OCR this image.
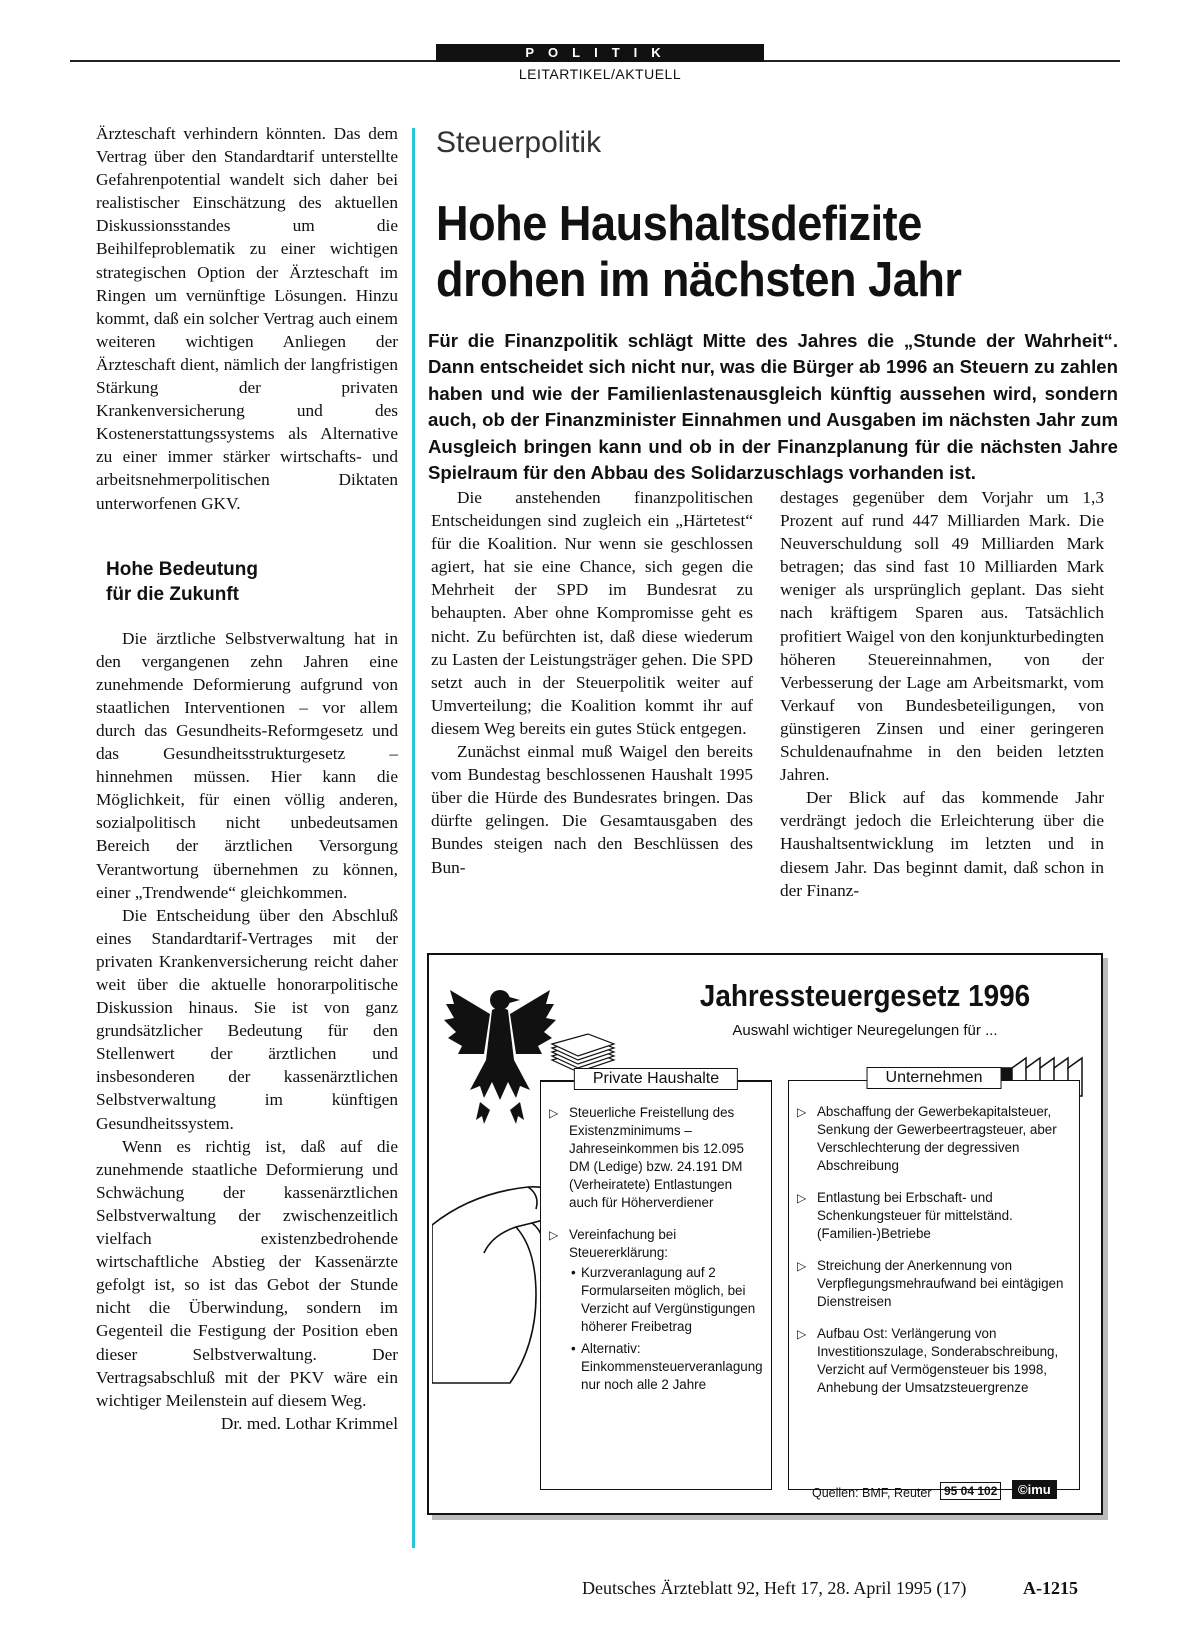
POLITIK
LEITARTIKEL/AKTUELL

Ärzteschaft verhindern könnten. Das dem Vertrag über den Standardtarif unterstellte Gefahrenpotential wandelt sich daher bei realistischer Einschätzung des aktuellen Diskussionsstandes um die Beihilfeproblematik zu einer wichtigen strategischen Option der Ärzteschaft im Ringen um vernünftige Lösungen. Hinzu kommt, daß ein solcher Vertrag auch einem weiteren wichtigen Anliegen der Ärzteschaft dient, nämlich der langfristigen Stärkung der privaten Krankenversicherung und des Kostenerstattungssystems als Alternative zu einer immer stärker wirtschafts- und arbeitsnehmerpolitischen Diktaten unterworfenen GKV.

Hohe Bedeutung
für die Zukunft

Die ärztliche Selbstverwaltung hat in den vergangenen zehn Jahren eine zunehmende Deformierung aufgrund von staatlichen Interventionen – vor allem durch das Gesundheits-Reformgesetz und das Gesundheitsstrukturgesetz – hinnehmen müssen. Hier kann die Möglichkeit, für einen völlig anderen, sozialpolitisch nicht unbedeutsamen Bereich der ärztlichen Versorgung Verantwortung übernehmen zu können, einer „Trendwende“ gleichkommen.

Die Entscheidung über den Abschluß eines Standardtarif-Vertrages mit der privaten Krankenversicherung reicht daher weit über die aktuelle honorarpolitische Diskussion hinaus. Sie ist von ganz grundsätzlicher Bedeutung für den Stellenwert der ärztlichen und insbesonderen der kassenärztlichen Selbstverwaltung im künftigen Gesundheitssystem.

Wenn es richtig ist, daß auf die zunehmende staatliche Deformierung und Schwächung der kassenärztlichen Selbstverwaltung der zwischenzeitlich vielfach existenzbedrohende wirtschaftliche Abstieg der Kassenärzte gefolgt ist, so ist das Gebot der Stunde nicht die Überwindung, sondern im Gegenteil die Festigung der Position eben dieser Selbstverwaltung. Der Vertragsabschluß mit der PKV wäre ein wichtiger Meilenstein auf diesem Weg.

Dr. med. Lothar Krimmel

Steuerpolitik
Hohe Haushaltsdefizite
drohen im nächsten Jahr
Für die Finanzpolitik schlägt Mitte des Jahres die „Stunde der Wahrheit“. Dann entscheidet sich nicht nur, was die Bürger ab 1996 an Steuern zu zahlen haben und wie der Familienlastenausgleich künftig aussehen wird, sondern auch, ob der Finanzminister Einnahmen und Ausgaben im nächsten Jahr zum Ausgleich bringen kann und ob in der Finanzplanung für die nächsten Jahre Spielraum für den Abbau des Solidarzuschlags vorhanden ist.

Die anstehenden finanzpolitischen Entscheidungen sind zugleich ein „Härtetest“ für die Koalition. Nur wenn sie geschlossen agiert, hat sie eine Chance, sich gegen die Mehrheit der SPD im Bundesrat zu behaupten. Aber ohne Kompromisse geht es nicht. Zu befürchten ist, daß diese wiederum zu Lasten der Leistungsträger gehen. Die SPD setzt auch in der Steuerpolitik weiter auf Umverteilung; die Koalition kommt ihr auf diesem Weg bereits ein gutes Stück entgegen.

Zunächst einmal muß Waigel den bereits vom Bundestag beschlossenen Haushalt 1995 über die Hürde des Bundesrates bringen. Das dürfte gelingen. Die Gesamtausgaben des Bundes steigen nach den Beschlüssen des Bun-

destages gegenüber dem Vorjahr um 1,3 Prozent auf rund 447 Milliarden Mark. Die Neuverschuldung soll 49 Milliarden Mark betragen; das sind fast 10 Milliarden Mark weniger als ursprünglich geplant. Das sieht nach kräftigem Sparen aus. Tatsächlich profitiert Waigel von den konjunkturbedingten höheren Steuereinnahmen, von der Verbesserung der Lage am Arbeitsmarkt, vom Verkauf von Bundesbeteiligungen, von günstigeren Zinsen und einer geringeren Schuldenaufnahme in den beiden letzten Jahren.

Der Blick auf das kommende Jahr verdrängt jedoch die Erleichterung über die Haushaltsentwicklung im letzten und in diesem Jahr. Das beginnt damit, daß schon in der Finanz-

Jahressteuergesetz 1996
Auswahl wichtiger Neuregelungen für ...
Private Haushalte
▷ Steuerliche Freistellung des Existenzminimums – Jahreseinkommen bis 12.095 DM (Ledige) bzw. 24.191 DM (Verheiratete) Entlastungen auch für Höherverdiener
▷ Vereinfachung bei Steuererklärung:
• Kurzveranlagung auf 2 Formularseiten möglich, bei Verzicht auf Vergünstigungen höherer Freibetrag
• Alternativ: Einkommensteuerveranlagung nur noch alle 2 Jahre
Unternehmen
▷ Abschaffung der Gewerbekapitalsteuer, Senkung der Gewerbeertragsteuer, aber Verschlechterung der degressiven Abschreibung
▷ Entlastung bei Erbschaft- und Schenkungsteuer für mittelständ. (Familien-)Betriebe
▷ Streichung der Anerkennung von Verpflegungsmehraufwand bei eintägigen Dienstreisen
▷ Aufbau Ost: Verlängerung von Investitionszulage, Sonderabschreibung, Verzicht auf Vermögensteuer bis 1998, Anhebung der Umsatzsteuergrenze
Quellen: BMF, Reuter	95 04 102	©imu
Deutsches Ärzteblatt 92, Heft 17, 28. April 1995 (17)	A-1215
